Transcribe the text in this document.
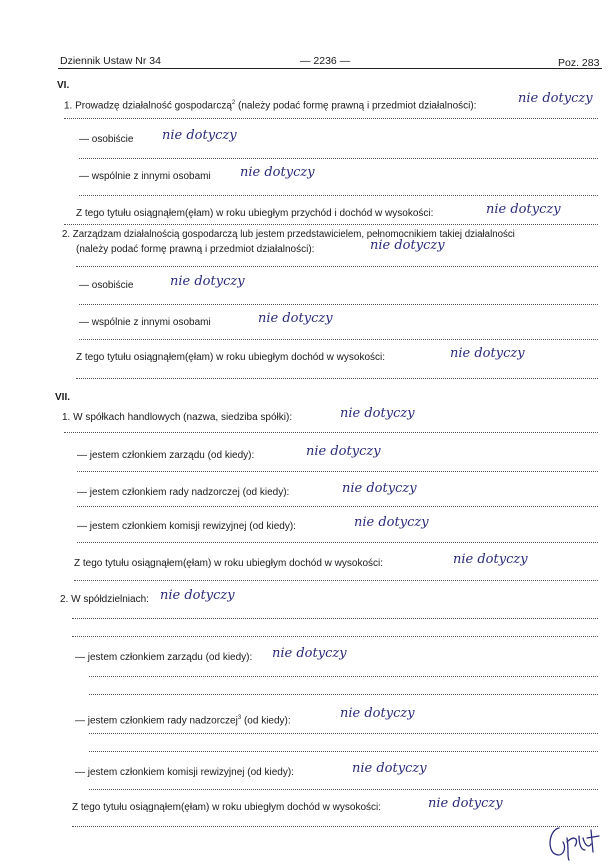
Dziennik Ustaw Nr 34	— 2236 —	Poz. 283
VI.
1. Prowadzę działalność gospodarczą$^2$ (należy podać formę prawną i przedmiot działalności):	nie dotyczy
— osobiście nie dotyczy
— wspólnie z innymi osobami nie dotyczy
Z tego tytułu osiągnąłem(ęłam) w roku ubiegłym przychód i dochód w wysokości:	nie dotyczy
2. Zarządzam działalnością gospodarczą lub jestem przedstawicielem, pełnomocnikiem takiej działalności
(należy podać formę prawną i przedmiot działalności):	nie dotyczy
— osobiście	nie dotyczy
— wspólnie z innymi osobami	nie dotyczy
Z tego tytułu osiągnąłem(ęłam) w roku ubiegłym dochód w wysokości:	nie dotyczy
VII.
1. W spółkach handlowych (nazwa, siedziba spółki):	nie dotyczy
— jestem członkiem zarządu (od kiedy):	nie dotyczy
— jestem członkiem rady nadzorczej (od kiedy):	nie dotyczy
— jestem członkiem komisji rewizyjnej (od kiedy):	nie dotyczy
Z tego tytułu osiągnąłem(ęłam) w roku ubiegłym dochód w wysokości:	nie dotyczy
2. W spółdzielniach: nie dotyczy
— jestem członkiem zarządu (od kiedy): nie dotyczy
— jestem członkiem rady nadzorczej$^3$ (od kiedy):	nie dotyczy
— jestem członkiem komisji rewizyjnej (od kiedy):	nie dotyczy
Z tego tytułu osiągnąłem(ęłam) w roku ubiegłym dochód w wysokości:	nie dotyczy
